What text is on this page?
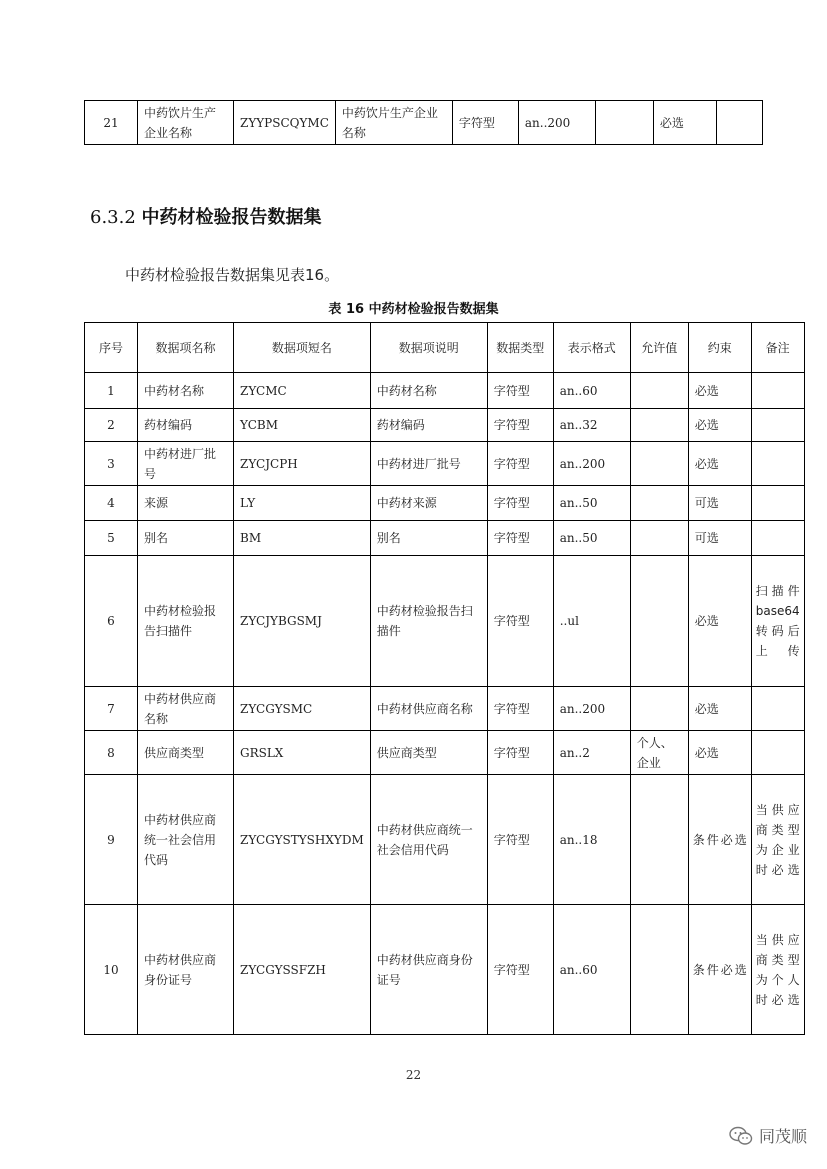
21	中药饮片生产企业名称	ZYYPSCQYMC	中药饮片生产企业名称	字符型	an..200		必选	
6.3.2 中药材检验报告数据集
中药材检验报告数据集见表16。
表 16 中药材检验报告数据集
序号	数据项名称	数据项短名	数据项说明	数据类型	表示格式	允许值	约束	备注
1	中药材名称	ZYCMC	中药材名称	字符型	an..60		必选	
2	药材编码	YCBM	药材编码	字符型	an..32		必选	
3	中药材进厂批号	ZYCJCPH	中药材进厂批号	字符型	an..200		必选	
4	来源	LY	中药材来源	字符型	an..50		可选	
5	别名	BM	别名	字符型	an..50		可选	
6	中药材检验报告扫描件	ZYCJYBGSMJ	中药材检验报告扫描件	字符型	..ul		必选	扫描件base64转码后上传
7	中药材供应商名称	ZYCGYSMC	中药材供应商名称	字符型	an..200		必选	
8	供应商类型	GRSLX	供应商类型	字符型	an..2	个人、企业	必选	
9	中药材供应商统一社会信用代码	ZYCGYSTYSHXYDM	中药材供应商统一社会信用代码	字符型	an..18		条件必选	当供应商类型为企业时必选
10	中药材供应商身份证号	ZYCGYSSFZH	中药材供应商身份证号	字符型	an..60		条件必选	当供应商类型为个人时必选
22
同茂顺
